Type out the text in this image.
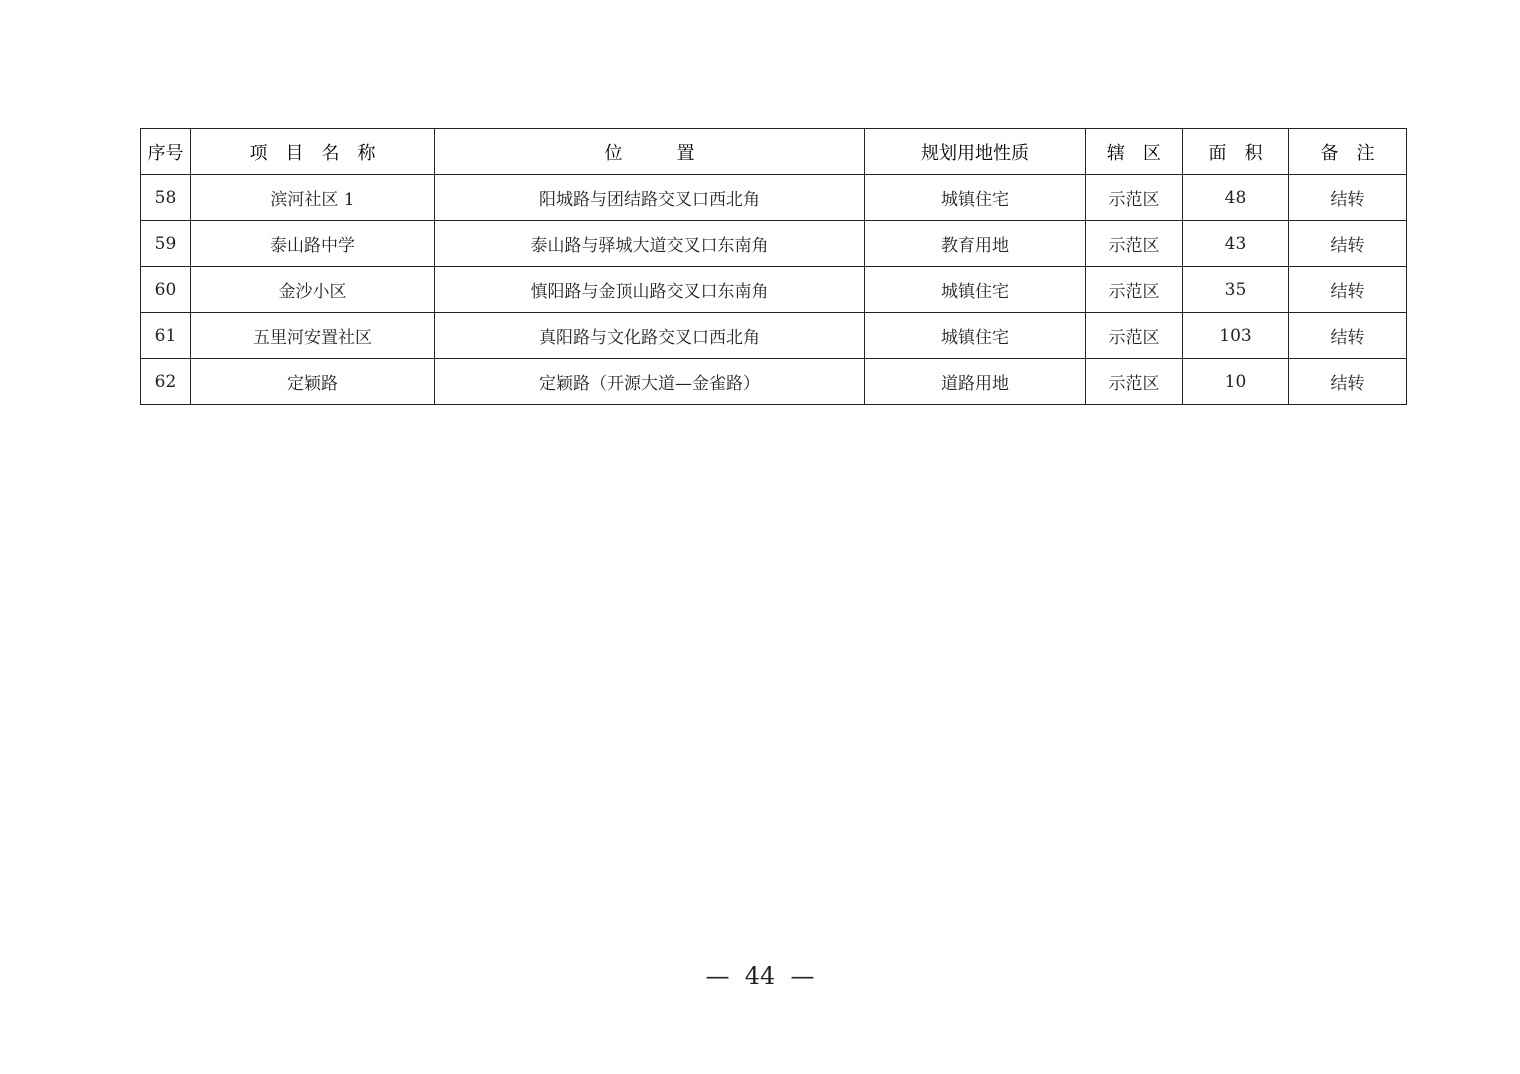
序号	项　目　名　称	位　　　置	规划用地性质	辖　区	面　积	备　注
58	滨河社区 1	阳城路与团结路交叉口西北角	城镇住宅	示范区	48	结转
59	泰山路中学	泰山路与驿城大道交叉口东南角	教育用地	示范区	43	结转
60	金沙小区	慎阳路与金顶山路交叉口东南角	城镇住宅	示范区	35	结转
61	五里河安置社区	真阳路与文化路交叉口西北角	城镇住宅	示范区	103	结转
62	定颖路	定颖路（开源大道—金雀路）	道路用地	示范区	10	结转
—  44  —
